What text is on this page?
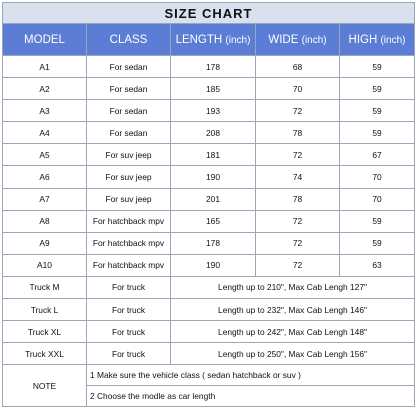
SIZE CHART				
MODEL	CLASS	LENGTH (inch)	WIDE (inch)	HIGH (inch)
A1	For sedan	178	68	59
A2	For sedan	185	70	59
A3	For sedan	193	72	59
A4	For sedan	208	78	59
A5	For suv jeep	181	72	67
A6	For suv jeep	190	74	70
A7	For suv jeep	201	78	70
A8	For hatchback mpv	165	72	59
A9	For hatchback mpv	178	72	59
A10	For hatchback mpv	190	72	63
Truck M	For truck	Length up to 210", Max Cab Lengh 127"		
Truck L	For truck	Length up to 232", Max Cab Lengh 146"		
Truck XL	For truck	Length up to 242", Max Cab Lengh 148"		
Truck XXL	For truck	Length up to 250", Max Cab Lengh 156"		
NOTE	1 Make sure the vehicle class ( sedan hatchback or suv )			
	2 Choose the modle as car length			
